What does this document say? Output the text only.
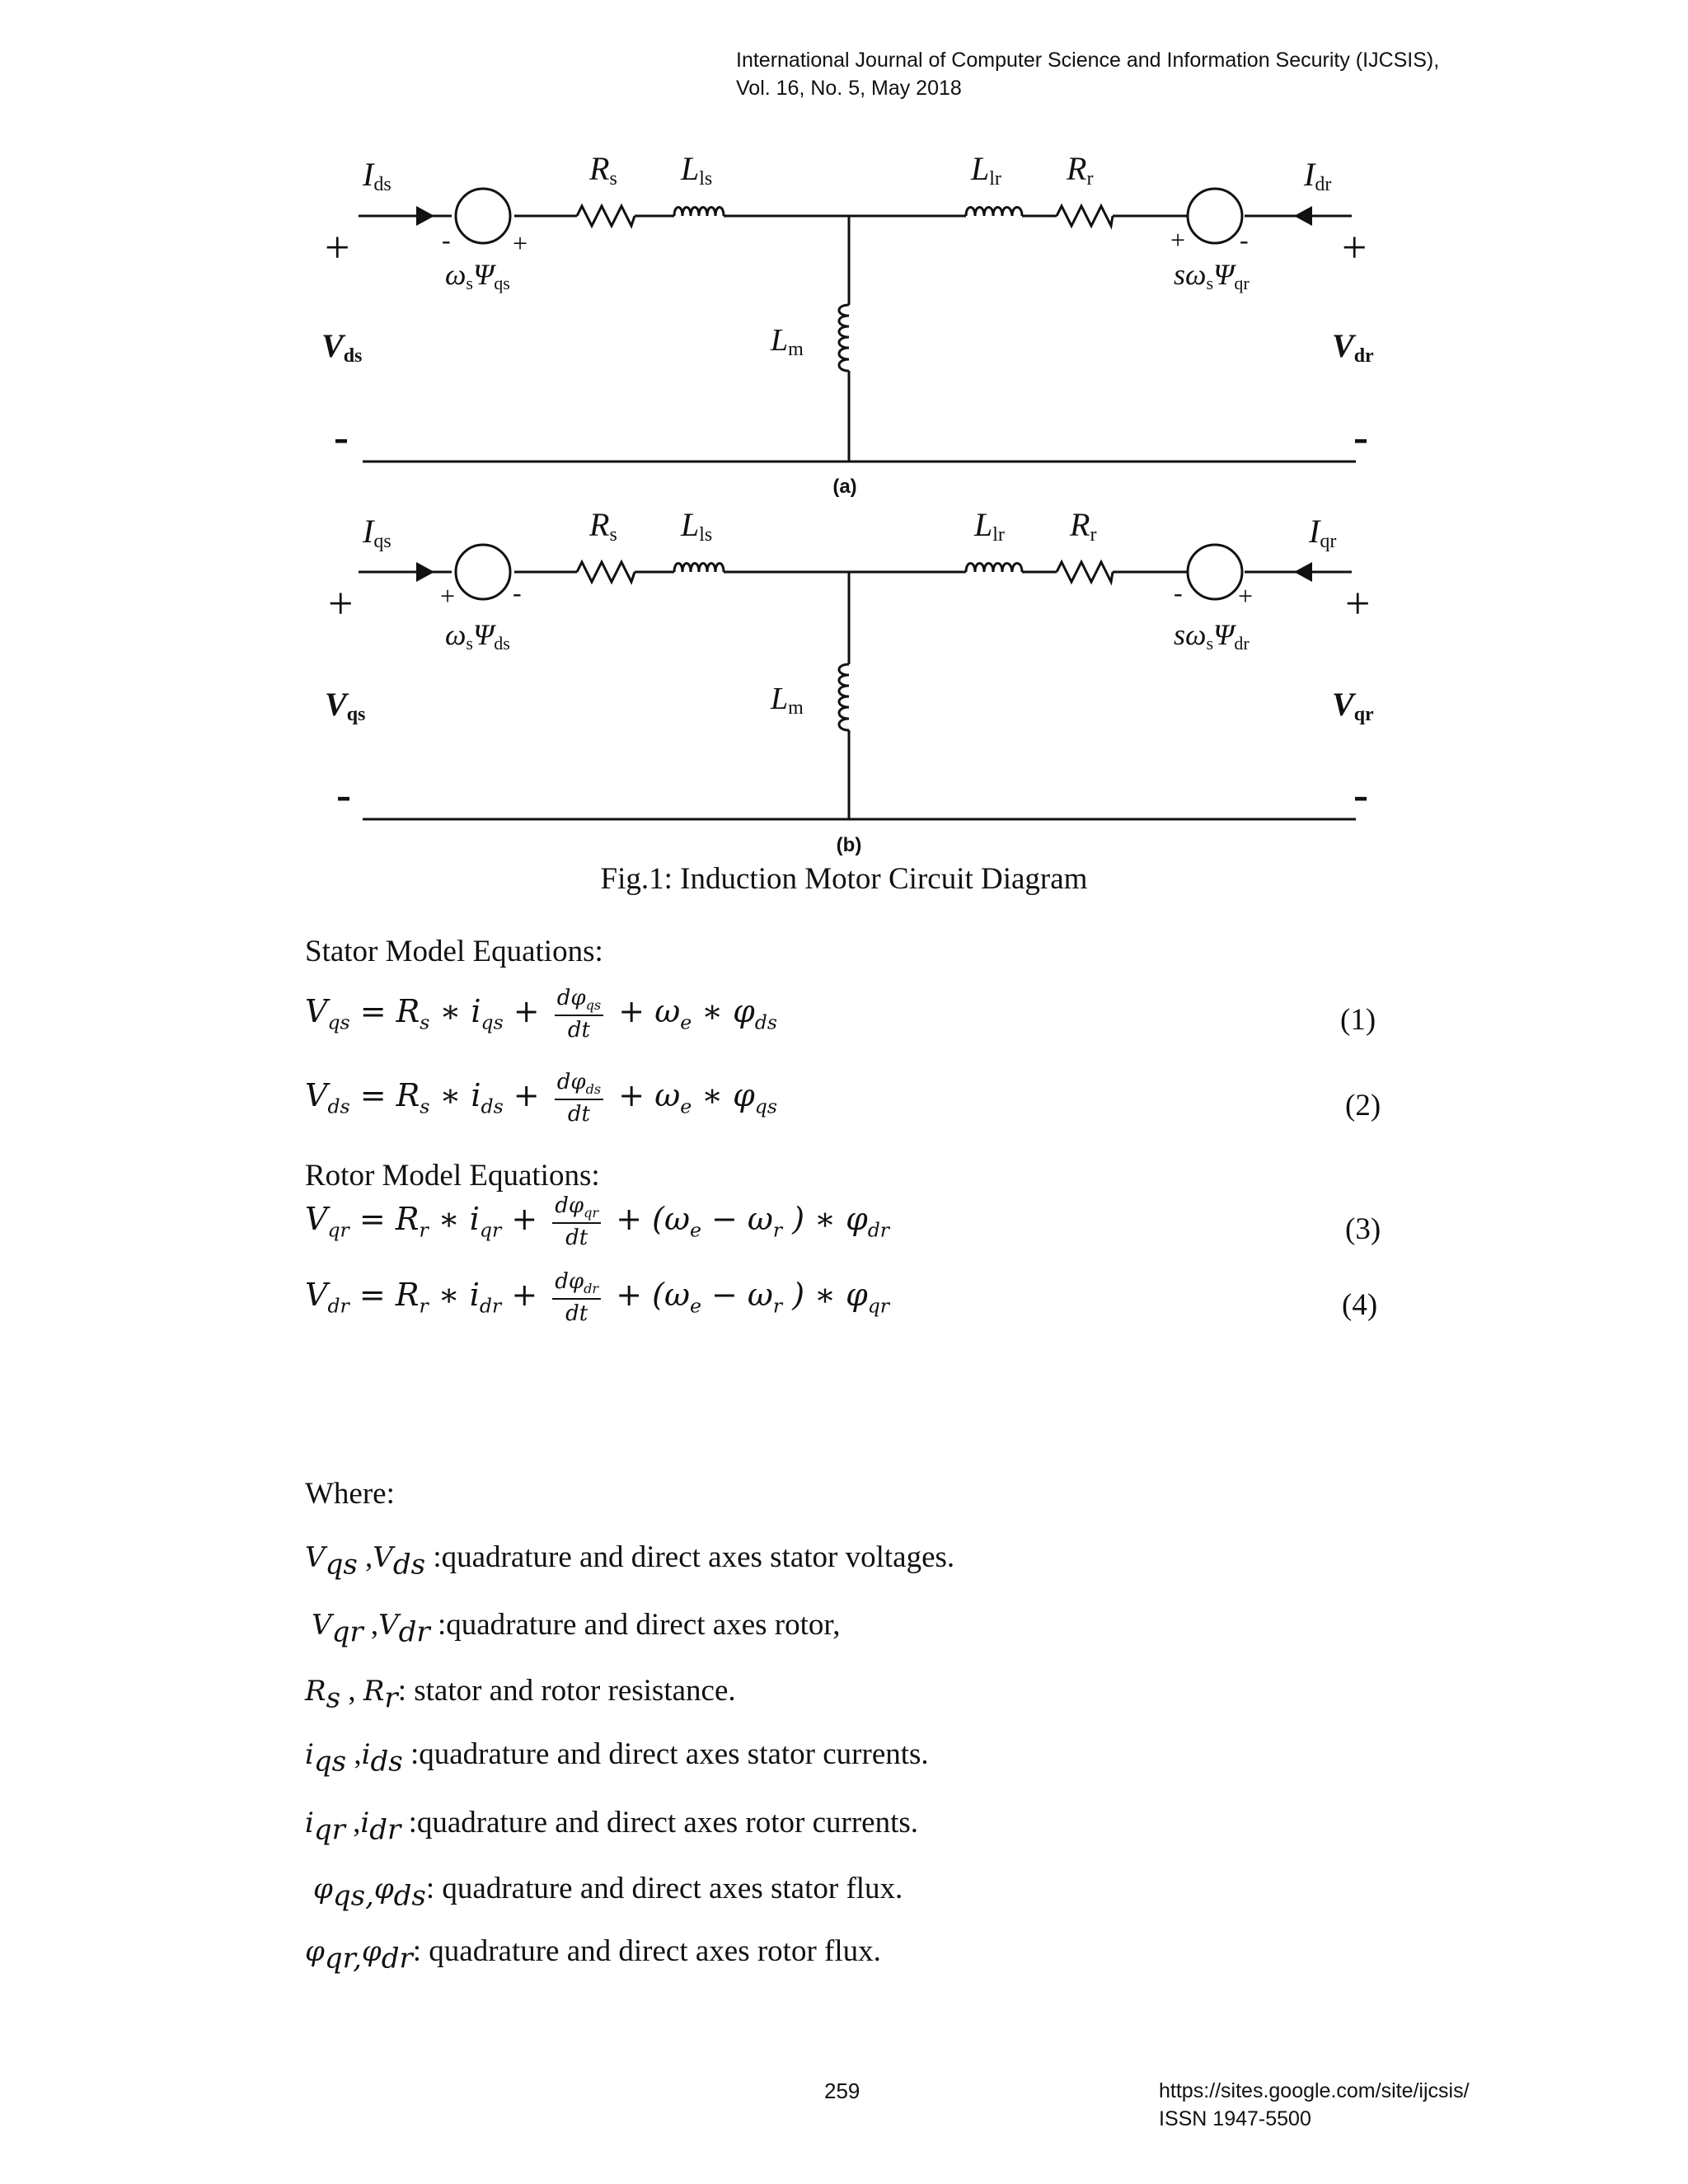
International Journal of Computer Science and Information Security (IJCSIS),
Vol. 16, No. 5, May 2018
Ids	Idr
Rs Lls	Llr Rr
- +	+ -
ωsΨqs	sωsΨqr
+	+
Vds	Vdr
Lm
-	-
(a)
Iqs	Iqr
Rs Lls	Llr Rr
+ -	- +
ωsΨds	sωsΨdr
+	+
Vqs	Vqr
Lm
-	-
(b)
Fig.1: Induction Motor Circuit Diagram
Stator Model Equations:
$V_{qs} = R_s$ ∗ $i_{qs} + \frac{d\varphi_{qs}}{dt} + \omega_e$ ∗ $\varphi_{ds}$	(1)
$V_{ds} = R_s$ ∗ $i_{ds} + \frac{d\varphi_{ds}}{dt} + \omega_e$ ∗ $\varphi_{qs}$	(2)
Rotor Model Equations:
$V_{qr} = R_r$ ∗ $i_{qr} + \frac{d\varphi_{qr}}{dt} + (\omega_e - \omega_r$ ) ∗ $\varphi_{dr}$	(3)
$V_{dr} = R_r$ ∗ $i_{dr} + \frac{d\varphi_{dr}}{dt} + (\omega_e - \omega_r$ ) ∗ $\varphi_{qr}$	(4)
Where:
$V_{qs}$ $,V_{ds}$ :quadrature and direct axes stator voltages.
$V_{qr}$ $,V_{dr}$ :quadrature and direct axes rotor,
$R_s$ , $R_r$: stator and rotor resistance.
$i_{qs}$ $,i_{ds}$ :quadrature and direct axes stator currents.
$i_{qr}$ $,i_{dr}$ :quadrature and direct axes rotor currents.
$\varphi_{qs,}\varphi_{ds}$: quadrature and direct axes stator flux.
$\varphi_{qr,}\varphi_{dr}$: quadrature and direct axes rotor flux.
259	https://sites.google.com/site/ijcsis/
ISSN 1947-5500
